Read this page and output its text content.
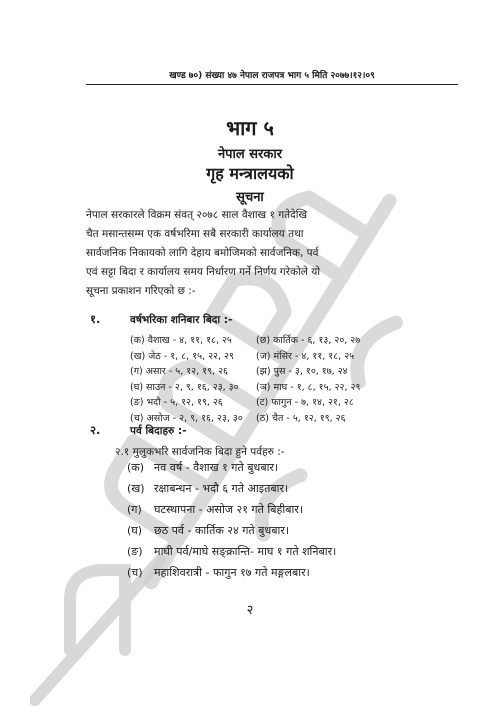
खण्ड ७०) संख्या ४७ नेपाल राजपत्र भाग ५ मिति २०७७।१२।०९
भाग ५
नेपाल सरकार
गृह मन्त्रालयको
सूचना
नेपाल सरकारले विक्रम संवत् २०७८ साल वैशाख १ गतेदेखि
चैत मसान्तसम्म एक वर्षभरिमा सबै सरकारी कार्यालय तथा
सार्वजनिक निकायको लागि देहाय बमोजिमको सार्वजनिक, पर्व
एवं सट्टा बिदा र कार्यालय समय निर्धारण गर्ने निर्णय गरेकोले यो
सूचना प्रकाशन गरिएको छ :-
१.	वर्षभरिका शनिबार बिदा :-
(क) वैशाख - ४, ११, १८, २५	(छ) कार्तिक - ६, १३, २०, २७
(ख) जेठ - १, ८, १५, २२, २९ (ज) मंसिर - ४, ११, १८, २५
(ग) असार - ५, १२, १९, २६	(झ) पुस - ३, १०, १७, २४
(घ) साउन - २, ९, १६, २३, ३० (ञ) माघ - १, ८, १५, २२, २९
(ङ) भदौ - ५, १२, १९, २६	(ट) फागुन - ७, १४, २१, २८
(च) असोज - २, ९, १६, २३, ३० (ठ) चैत - ५, १२, १९, २६
२.	पर्व बिदाहरु :-
२.१ मुलुकभरि सार्वजनिक बिदा हुने पर्वहरु :-
(क) नव वर्ष - वैशाख १ गते बुधबार।
(ख) रक्षाबन्धन - भदौ ६ गते आइतबार।
(ग) घटस्थापना - असोज २१ गते बिहीबार।
(घ) छठ पर्व - कार्तिक २४ गते बुधबार।
(ङ) माघी पर्व/माघे सङ्क्रान्ति- माघ १ गते शनिबार।
(च) महाशिवरात्री - फागुन १७ गते मङ्गलबार।
२
